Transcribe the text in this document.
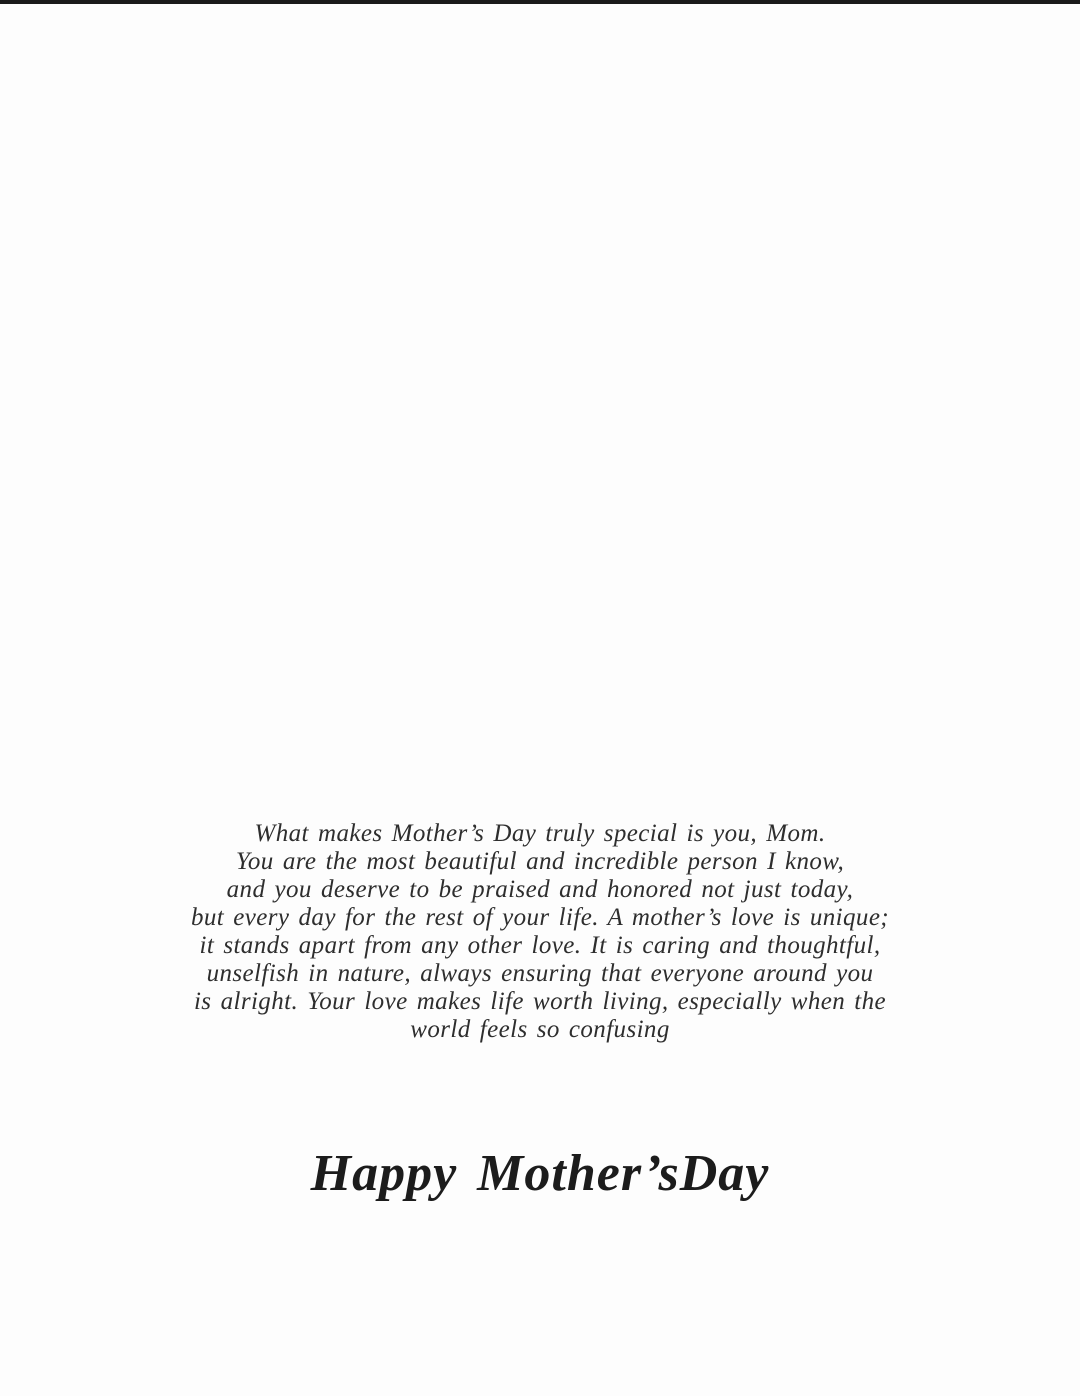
What makes Mother’s Day truly special is you, Mom.
You are the most beautiful and incredible person I know,
and you deserve to be praised and honored not just today,
but every day for the rest of your life. A mother’s love is unique;
it stands apart from any other love. It is caring and thoughtful,
unselfish in nature, always ensuring that everyone around you
is alright. Your love makes life worth living, especially when the
world feels so confusing
Happy Mother’sDay
